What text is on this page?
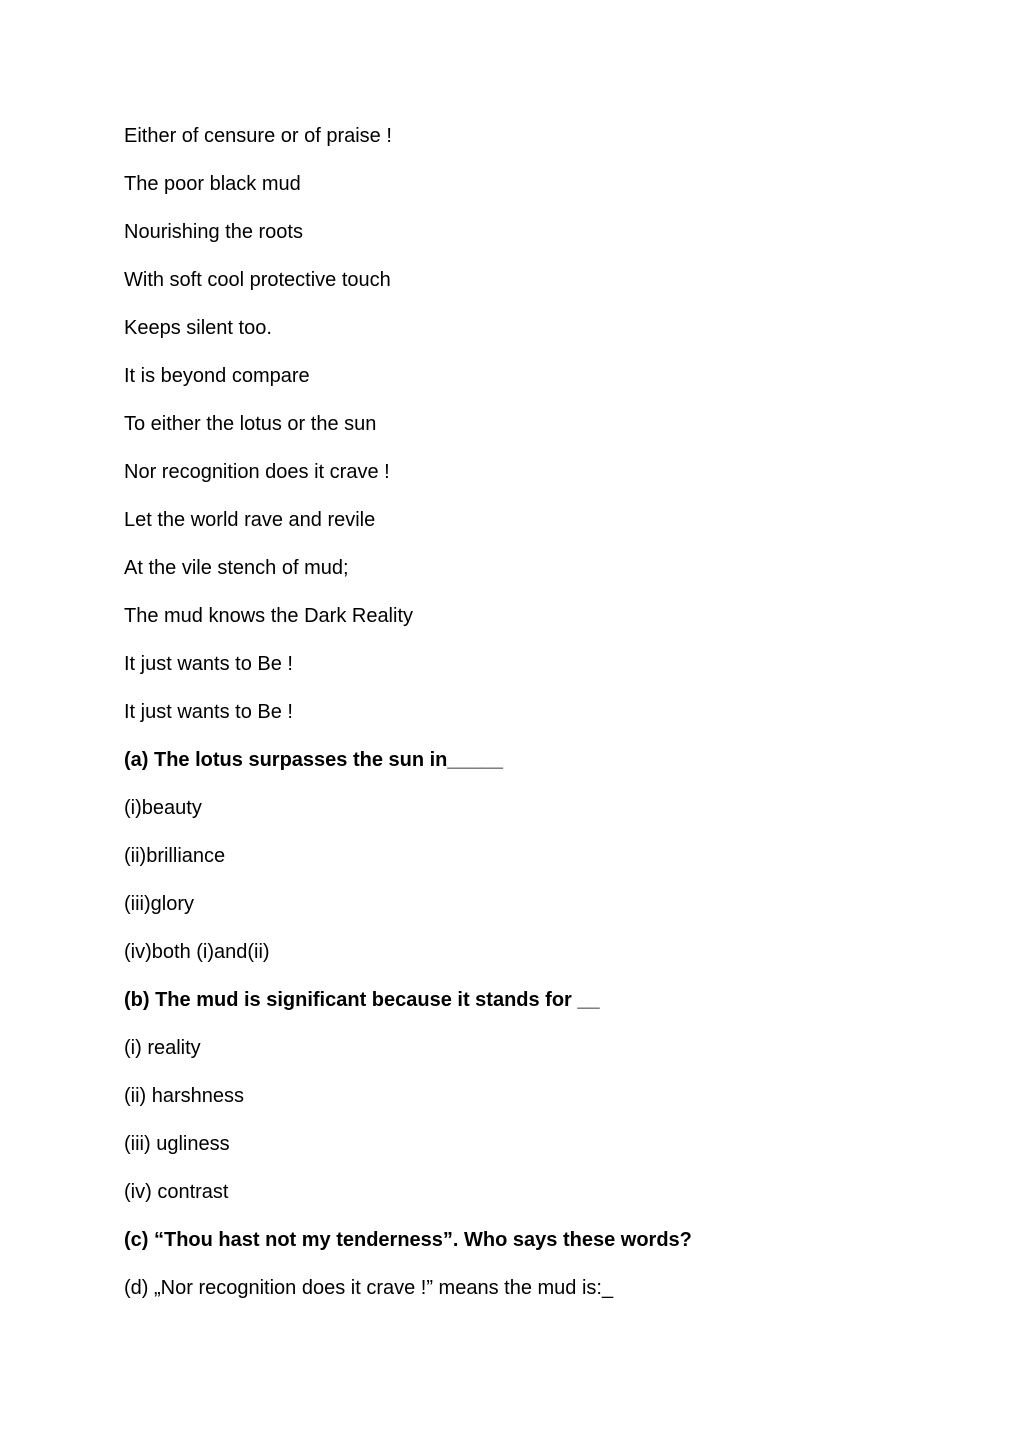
Either of censure or of praise !
The poor black mud
Nourishing the roots
With soft cool protective touch
Keeps silent too.
It is beyond compare
To either the lotus or the sun
Nor recognition does it crave !
Let the world rave and revile
At the vile stench of mud;
The mud knows the Dark Reality
It just wants to Be !
It just wants to Be !
(a) The lotus surpasses the sun in_____
(i)beauty
(ii)brilliance
(iii)glory
(iv)both (i)and(ii)
(b) The mud is significant because it stands for __
(i) reality
(ii) harshness
(iii) ugliness
(iv) contrast
(c) “Thou hast not my tenderness”. Who says these words?
(d) „Nor recognition does it crave !” means the mud is:_
